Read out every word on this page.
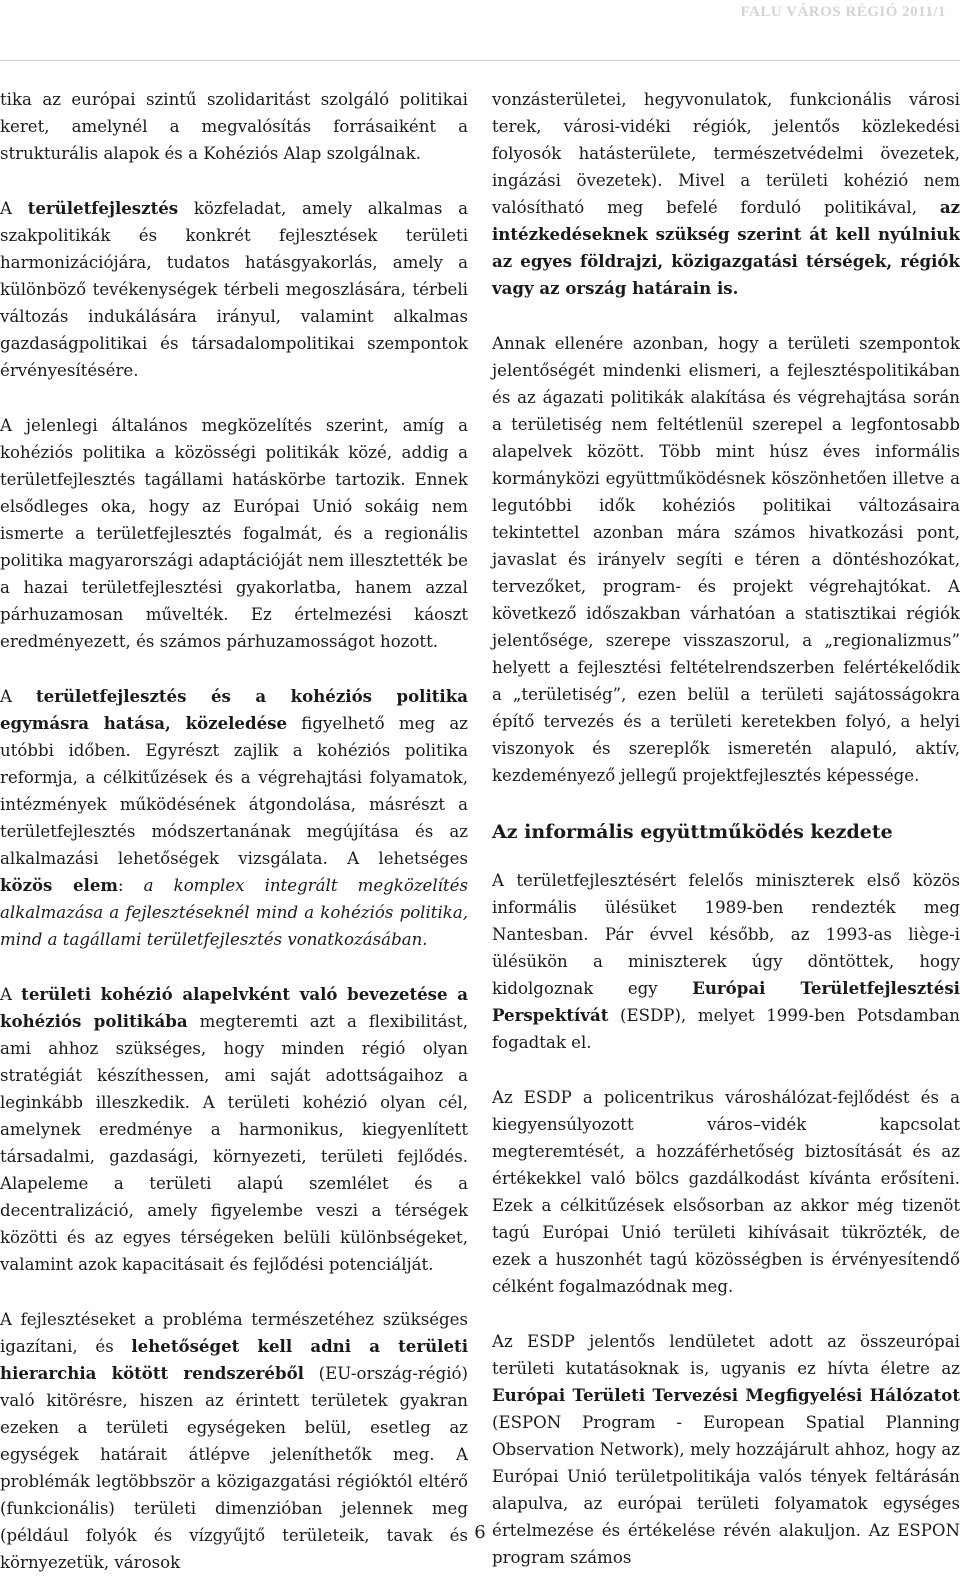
FALU VÁROS RÉGIÓ 2011/1

tika az európai szintű szolidaritást szolgáló politikai keret, amelynél a megvalósítás forrásaiként a strukturális alapok és a Kohéziós Alap szolgálnak.

A területfejlesztés közfeladat, amely alkalmas a szakpolitikák és konkrét fejlesztések területi harmonizációjára, tudatos hatásgyakorlás, amely a különböző tevékenységek térbeli megoszlására, térbeli változás indukálására irányul, valamint alkalmas gazdaságpolitikai és társadalompolitikai szempontok érvényesítésére.

A jelenlegi általános megközelítés szerint, amíg a kohéziós politika a közösségi politikák közé, addig a területfejlesztés tagállami hatáskörbe tartozik. Ennek elsődleges oka, hogy az Európai Unió sokáig nem ismerte a területfejlesztés fogalmát, és a regionális politika magyarországi adaptációját nem illesztették be a hazai területfejlesztési gyakorlatba, hanem azzal párhuzamosan művelték. Ez értelmezési káoszt eredményezett, és számos párhuzamosságot hozott.

A területfejlesztés és a kohéziós politika egymásra hatása, közeledése figyelhető meg az utóbbi időben. Egyrészt zajlik a kohéziós politika reformja, a célkitűzések és a végrehajtási folyamatok, intézmények működésének átgondolása, másrészt a területfejlesztés módszertanának megújítása és az alkalmazási lehetőségek vizsgálata. A lehetséges közös elem: a komplex integrált megközelítés alkalmazása a fejlesztéseknél mind a kohéziós politika, mind a tagállami területfejlesztés vonatkozásában.

A területi kohézió alapelvként való bevezetése a kohéziós politikába megteremti azt a flexibilitást, ami ahhoz szükséges, hogy minden régió olyan stratégiát készíthessen, ami saját adottságaihoz a leginkább illeszkedik. A területi kohézió olyan cél, amelynek eredménye a harmonikus, kiegyenlített társadalmi, gazdasági, környezeti, területi fejlődés. Alapeleme a területi alapú szemlélet és a decentralizáció, amely figyelembe veszi a térségek közötti és az egyes térségeken belüli különbségeket, valamint azok kapacitásait és fejlődési potenciálját.

A fejlesztéseket a probléma természetéhez szükséges igazítani, és lehetőséget kell adni a területi hierarchia kötött rendszeréből (EU-ország-régió) való kitörésre, hiszen az érintett területek gyakran ezeken a területi egységeken belül, esetleg az egységek határait átlépve jeleníthetők meg. A problémák legtöbbször a közigazgatási régióktól eltérő (funkcionális) területi dimenzióban jelennek meg (például folyók és vízgyűjtő területeik, tavak és környezetük, városok

vonzásterületei, hegyvonulatok, funkcionális városi terek, városi-vidéki régiók, jelentős közlekedési folyosók hatásterülete, természetvédelmi övezetek, ingázási övezetek). Mivel a területi kohézió nem valósítható meg befelé forduló politikával, az intézkedéseknek szükség szerint át kell nyúlniuk az egyes földrajzi, közigazgatási térségek, régiók vagy az ország határain is.

Annak ellenére azonban, hogy a területi szempontok jelentőségét mindenki elismeri, a fejlesztéspolitikában és az ágazati politikák alakítása és végrehajtása során a területiség nem feltétlenül szerepel a legfontosabb alapelvek között. Több mint húsz éves informális kormányközi együttműködésnek köszönhetően illetve a legutóbbi idők kohéziós politikai változásaira tekintettel azonban mára számos hivatkozási pont, javaslat és irányelv segíti e téren a döntéshozókat, tervezőket, program- és projekt végrehajtókat. A következő időszakban várhatóan a statisztikai régiók jelentősége, szerepe visszaszorul, a „regionalizmus” helyett a fejlesztési feltételrendszerben felértékelődik a „területiség”, ezen belül a területi sajátosságokra építő tervezés és a területi keretekben folyó, a helyi viszonyok és szereplők ismeretén alapuló, aktív, kezdeményező jellegű projektfejlesztés képessége.

Az informális együttműködés kezdete

A területfejlesztésért felelős miniszterek első közös informális ülésüket 1989-ben rendezték meg Nantesban. Pár évvel később, az 1993-as liège-i ülésükön a miniszterek úgy döntöttek, hogy kidolgoznak egy Európai Területfejlesztési Perspektívát (ESDP), melyet 1999-ben Potsdamban fogadtak el.

Az ESDP a policentrikus városhálózat-fejlődést és a kiegyensúlyozott város–vidék kapcsolat megteremtését, a hozzáférhetőség biztosítását és az értékekkel való bölcs gazdálkodást kívánta erősíteni. Ezek a célkitűzések elsősorban az akkor még tizenöt tagú Európai Unió területi kihívásait tükrözték, de ezek a huszonhét tagú közösségben is érvényesítendő célként fogalmazódnak meg.

Az ESDP jelentős lendületet adott az összeurópai területi kutatásoknak is, ugyanis ez hívta életre az Európai Területi Tervezési Megfigyelési Hálózatot (ESPON Program - European Spatial Planning Observation Network), mely hozzájárult ahhoz, hogy az Európai Unió területpolitikája valós tények feltárásán alapulva, az európai területi folyamatok egységes értelmezése és értékelése révén alakuljon. Az ESPON program számos

6
